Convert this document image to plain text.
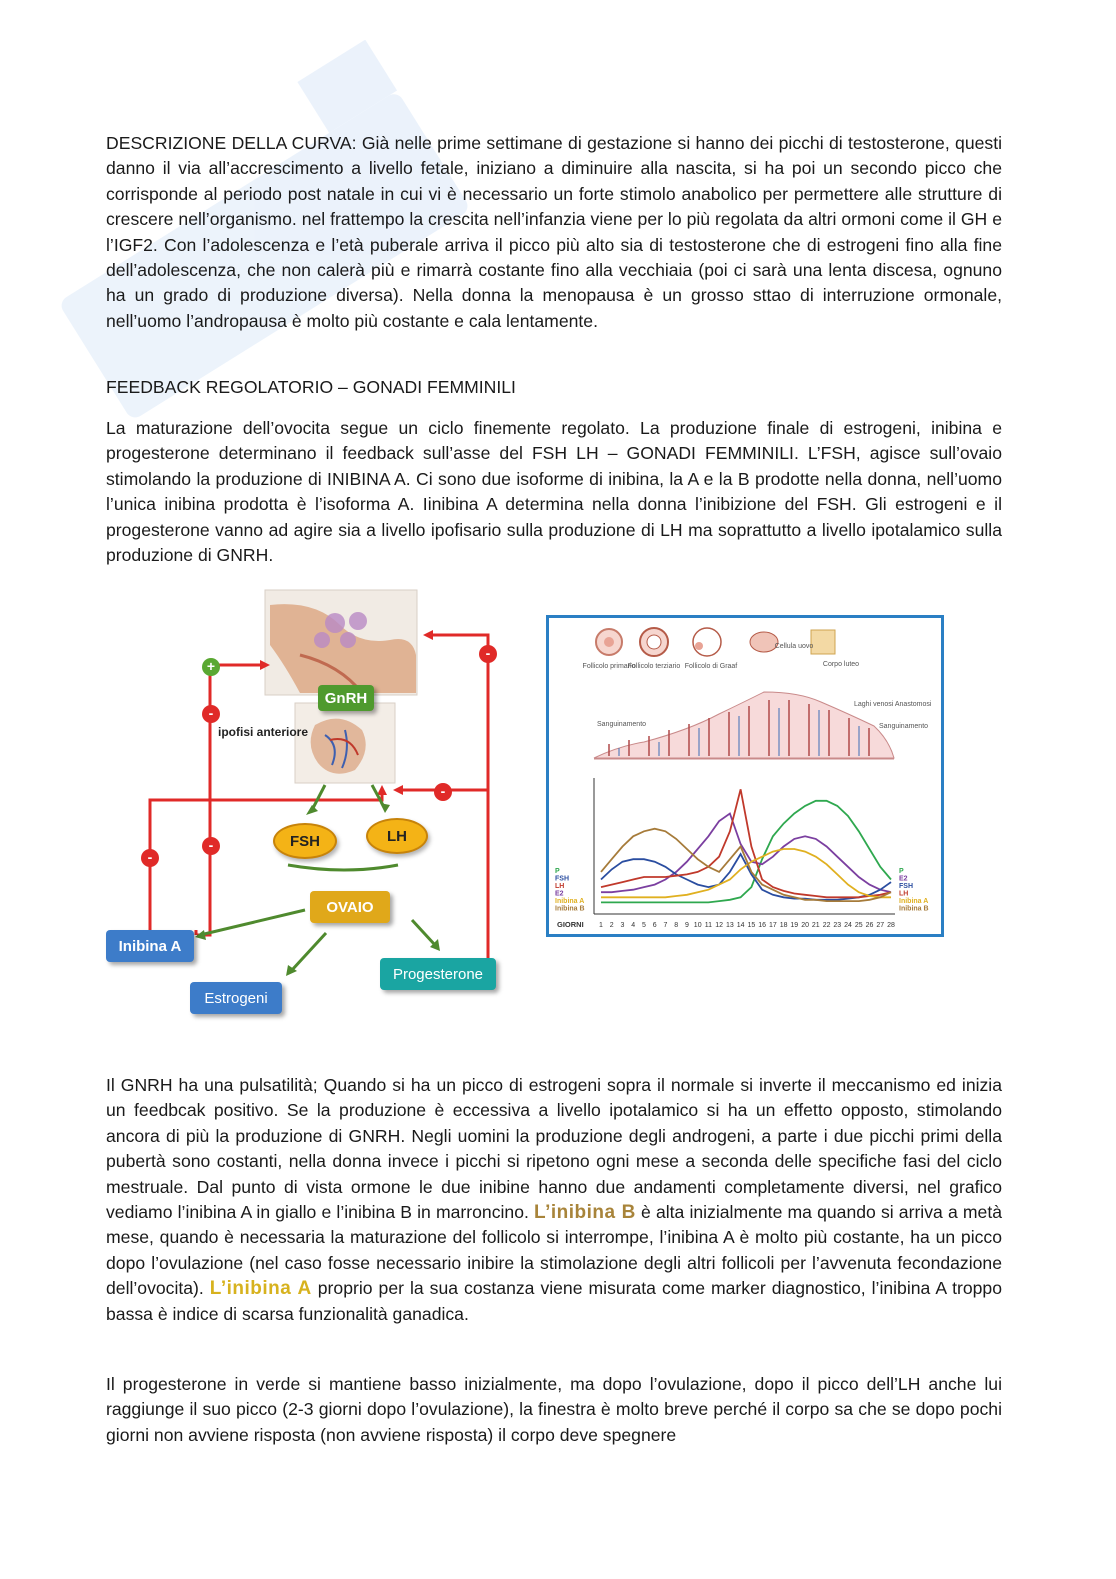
DESCRIZIONE DELLA CURVA: Già nelle prime settimane di gestazione si hanno dei picchi di testosterone, questi danno il via all’accrescimento a livello fetale, iniziano a diminuire alla nascita, si ha poi un secondo picco che corrisponde al periodo post natale in cui vi è necessario un forte stimolo anabolico per permettere alle strutture di crescere nell’organismo. nel frattempo la crescita nell’infanzia viene per lo più regolata da altri ormoni come il GH e l’IGF2. Con l’adolescenza e l’età puberale arriva il picco più alto sia di testosterone che di estrogeni fino alla fine dell’adolescenza, che non calerà più e rimarrà costante fino alla vecchiaia (poi ci sarà una lenta discesa, ognuno ha un grado di produzione diversa). Nella donna la menopausa è un grosso sttao di interruzione ormonale, nell’uomo l’andropausa è molto più costante e cala lentamente.

FEEDBACK REGOLATORIO – GONADI FEMMINILI

La maturazione dell’ovocita segue un ciclo finemente regolato. La produzione finale di estrogeni, inibina e progesterone determinano il feedback sull’asse del FSH LH – GONADI FEMMINILI. L’FSH, agisce sull’ovaio stimolando la produzione di INIBINA A. Ci sono due isoforme di inibina, la A e la B prodotte nella donna, nell’uomo l’unica inibina prodotta è l’isoforma A. Iinibina A determina nella donna l’inibizione del FSH. Gli estrogeni e il progesterone vanno ad agire sia a livello ipofisario sulla produzione di LH ma soprattutto a livello ipotalamico sulla produzione di GNRH.

GnRH
ipofisi anteriore
FSH	LH
OVAIO
Inibina A
Estrogeni
Progesterone
+
-
-
-
-
-
Follicolo primario
Follicolo terziario Follicolo di Graaf
Cellula uovo
Corpo luteo
Sanguinamento
Laghi venosi Anastomosi
Sanguinamento
P
FSH
LH
E2
Inibina A
Inibina B
P
E2
FSH
LH
Inibina A
Inibina B
1 2 3 4 5 6 7 8 9 10 11 12 13 14 15 16 17 18 19 20 21 22 23 24 25 26 27 28
GIORNI

Il GNRH ha una pulsatilità; Quando si ha un picco di estrogeni sopra il normale si inverte il meccanismo ed inizia un feedbcak positivo. Se la produzione è eccessiva a livello ipotalamico si ha un effetto opposto, stimolando ancora di più la produzione di GNRH. Negli uomini la produzione degli androgeni, a parte i due picchi primi della pubertà sono costanti, nella donna invece i picchi si ripetono ogni mese a seconda delle specifiche fasi del ciclo mestruale. Dal punto di vista ormone le due inibine hanno due andamenti completamente diversi, nel grafico vediamo l’inibina A in giallo e l’inibina B in marroncino. L’inibina B è alta inizialmente ma quando si arriva a metà mese, quando è necessaria la maturazione del follicolo si interrompe, l’inibina A è molto più costante, ha un picco dopo l’ovulazione (nel caso fosse necessario inibire la stimolazione degli altri follicoli per l’avvenuta fecondazione dell’ovocita). L’inibina A proprio per la sua costanza viene misurata come marker diagnostico, l’inibina A troppo bassa è indice di scarsa funzionalità ganadica.

Il progesterone in verde si mantiene basso inizialmente, ma dopo l’ovulazione, dopo il picco dell’LH anche lui raggiunge il suo picco (2-3 giorni dopo l’ovulazione), la finestra è molto breve perché il corpo sa che se dopo pochi giorni non avviene risposta (non avviene risposta) il corpo deve spegnere
